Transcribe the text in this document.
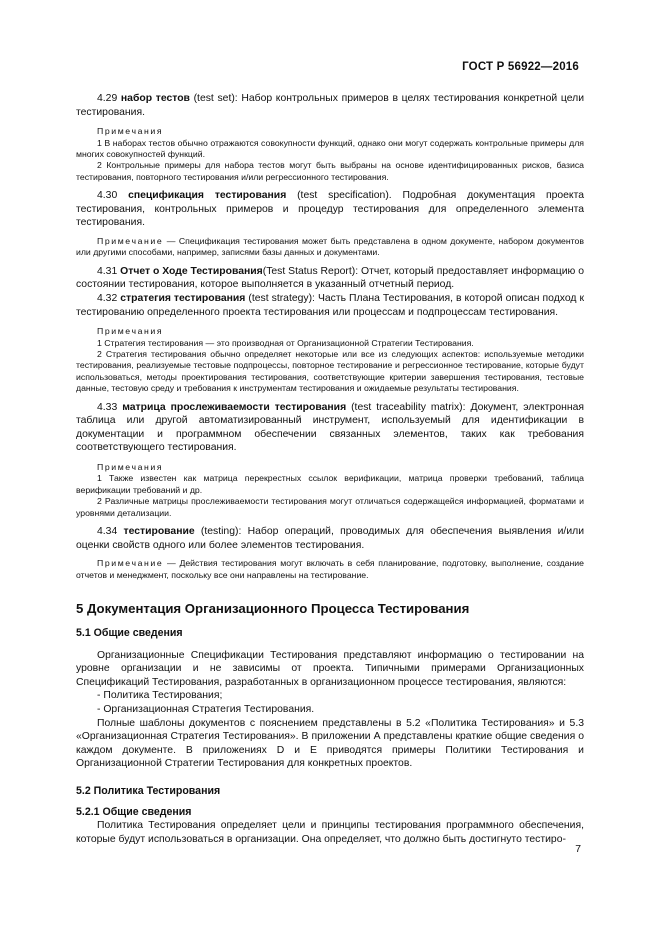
ГОСТ Р 56922—2016

4.29 набор тестов (test set): Набор контрольных примеров в целях тестирования конкретной цели тестирования.

Примечания

1 В наборах тестов обычно отражаются совокупности функций, однако они могут содержать контрольные примеры для многих совокупностей функций.

2 Контрольные примеры для набора тестов могут быть выбраны на основе идентифицированных рисков, базиса тестирования, повторного тестирования и/или регрессионного тестирования.

4.30 спецификация тестирования (test specification). Подробная документация проекта тестирования, контрольных примеров и процедур тестирования для определенного элемента тестирования.

Примечание — Спецификация тестирования может быть представлена в одном документе, набором документов или другими способами, например, записями базы данных и документами.

4.31 Отчет о Ходе Тестирования(Test Status Report): Отчет, который предоставляет информацию о состоянии тестирования, которое выполняется в указанный отчетный период.

4.32 стратегия тестирования (test strategy): Часть Плана Тестирования, в которой описан подход к тестированию определенного проекта тестирования или процессам и подпроцессам тестирования.

Примечания

1 Стратегия тестирования — это производная от Организационной Стратегии Тестирования.

2 Стратегия тестирования обычно определяет некоторые или все из следующих аспектов: используемые методики тестирования, реализуемые тестовые подпроцессы, повторное тестирование и регрессионное тестирование, которые будут использоваться, методы проектирования тестирования, соответствующие критерии завершения тестирования, тестовые данные, тестовую среду и требования к инструментам тестирования и ожидаемые результаты тестирования.

4.33 матрица прослеживаемости тестирования (test traceability matrix): Документ, электронная таблица или другой автоматизированный инструмент, используемый для идентификации в документации и программном обеспечении связанных элементов, таких как требования соответствующего тестирования.

Примечания

1 Также известен как матрица перекрестных ссылок верификации, матрица проверки требований, таблица верификации требований и др.

2 Различные матрицы прослеживаемости тестирования могут отличаться содержащейся информацией, форматами и уровнями детализации.

4.34 тестирование (testing): Набор операций, проводимых для обеспечения выявления и/или оценки свойств одного или более элементов тестирования.

Примечание — Действия тестирования могут включать в себя планирование, подготовку, выполнение, создание отчетов и менеджмент, поскольку все они направлены на тестирование.

5 Документация Организационного Процесса Тестирования

5.1 Общие сведения

Организационные Спецификации Тестирования представляют информацию о тестировании на уровне организации и не зависимы от проекта. Типичными примерами Организационных Спецификаций Тестирования, разработанных в организационном процессе тестирования, являются:

- Политика Тестирования;

- Организационная Стратегия Тестирования.

Полные шаблоны документов с пояснением представлены в 5.2 «Политика Тестирования» и 5.3 «Организационная Стратегия Тестирования». В приложении А представлены краткие общие сведения о каждом документе. В приложениях D и E приводятся примеры Политики Тестирования и Организационной Стратегии Тестирования для конкретных проектов.

5.2 Политика Тестирования

5.2.1 Общие сведения

Политика Тестирования определяет цели и принципы тестирования программного обеспечения, которые будут использоваться в организации. Она определяет, что должно быть достигнуто тестиро-

7
